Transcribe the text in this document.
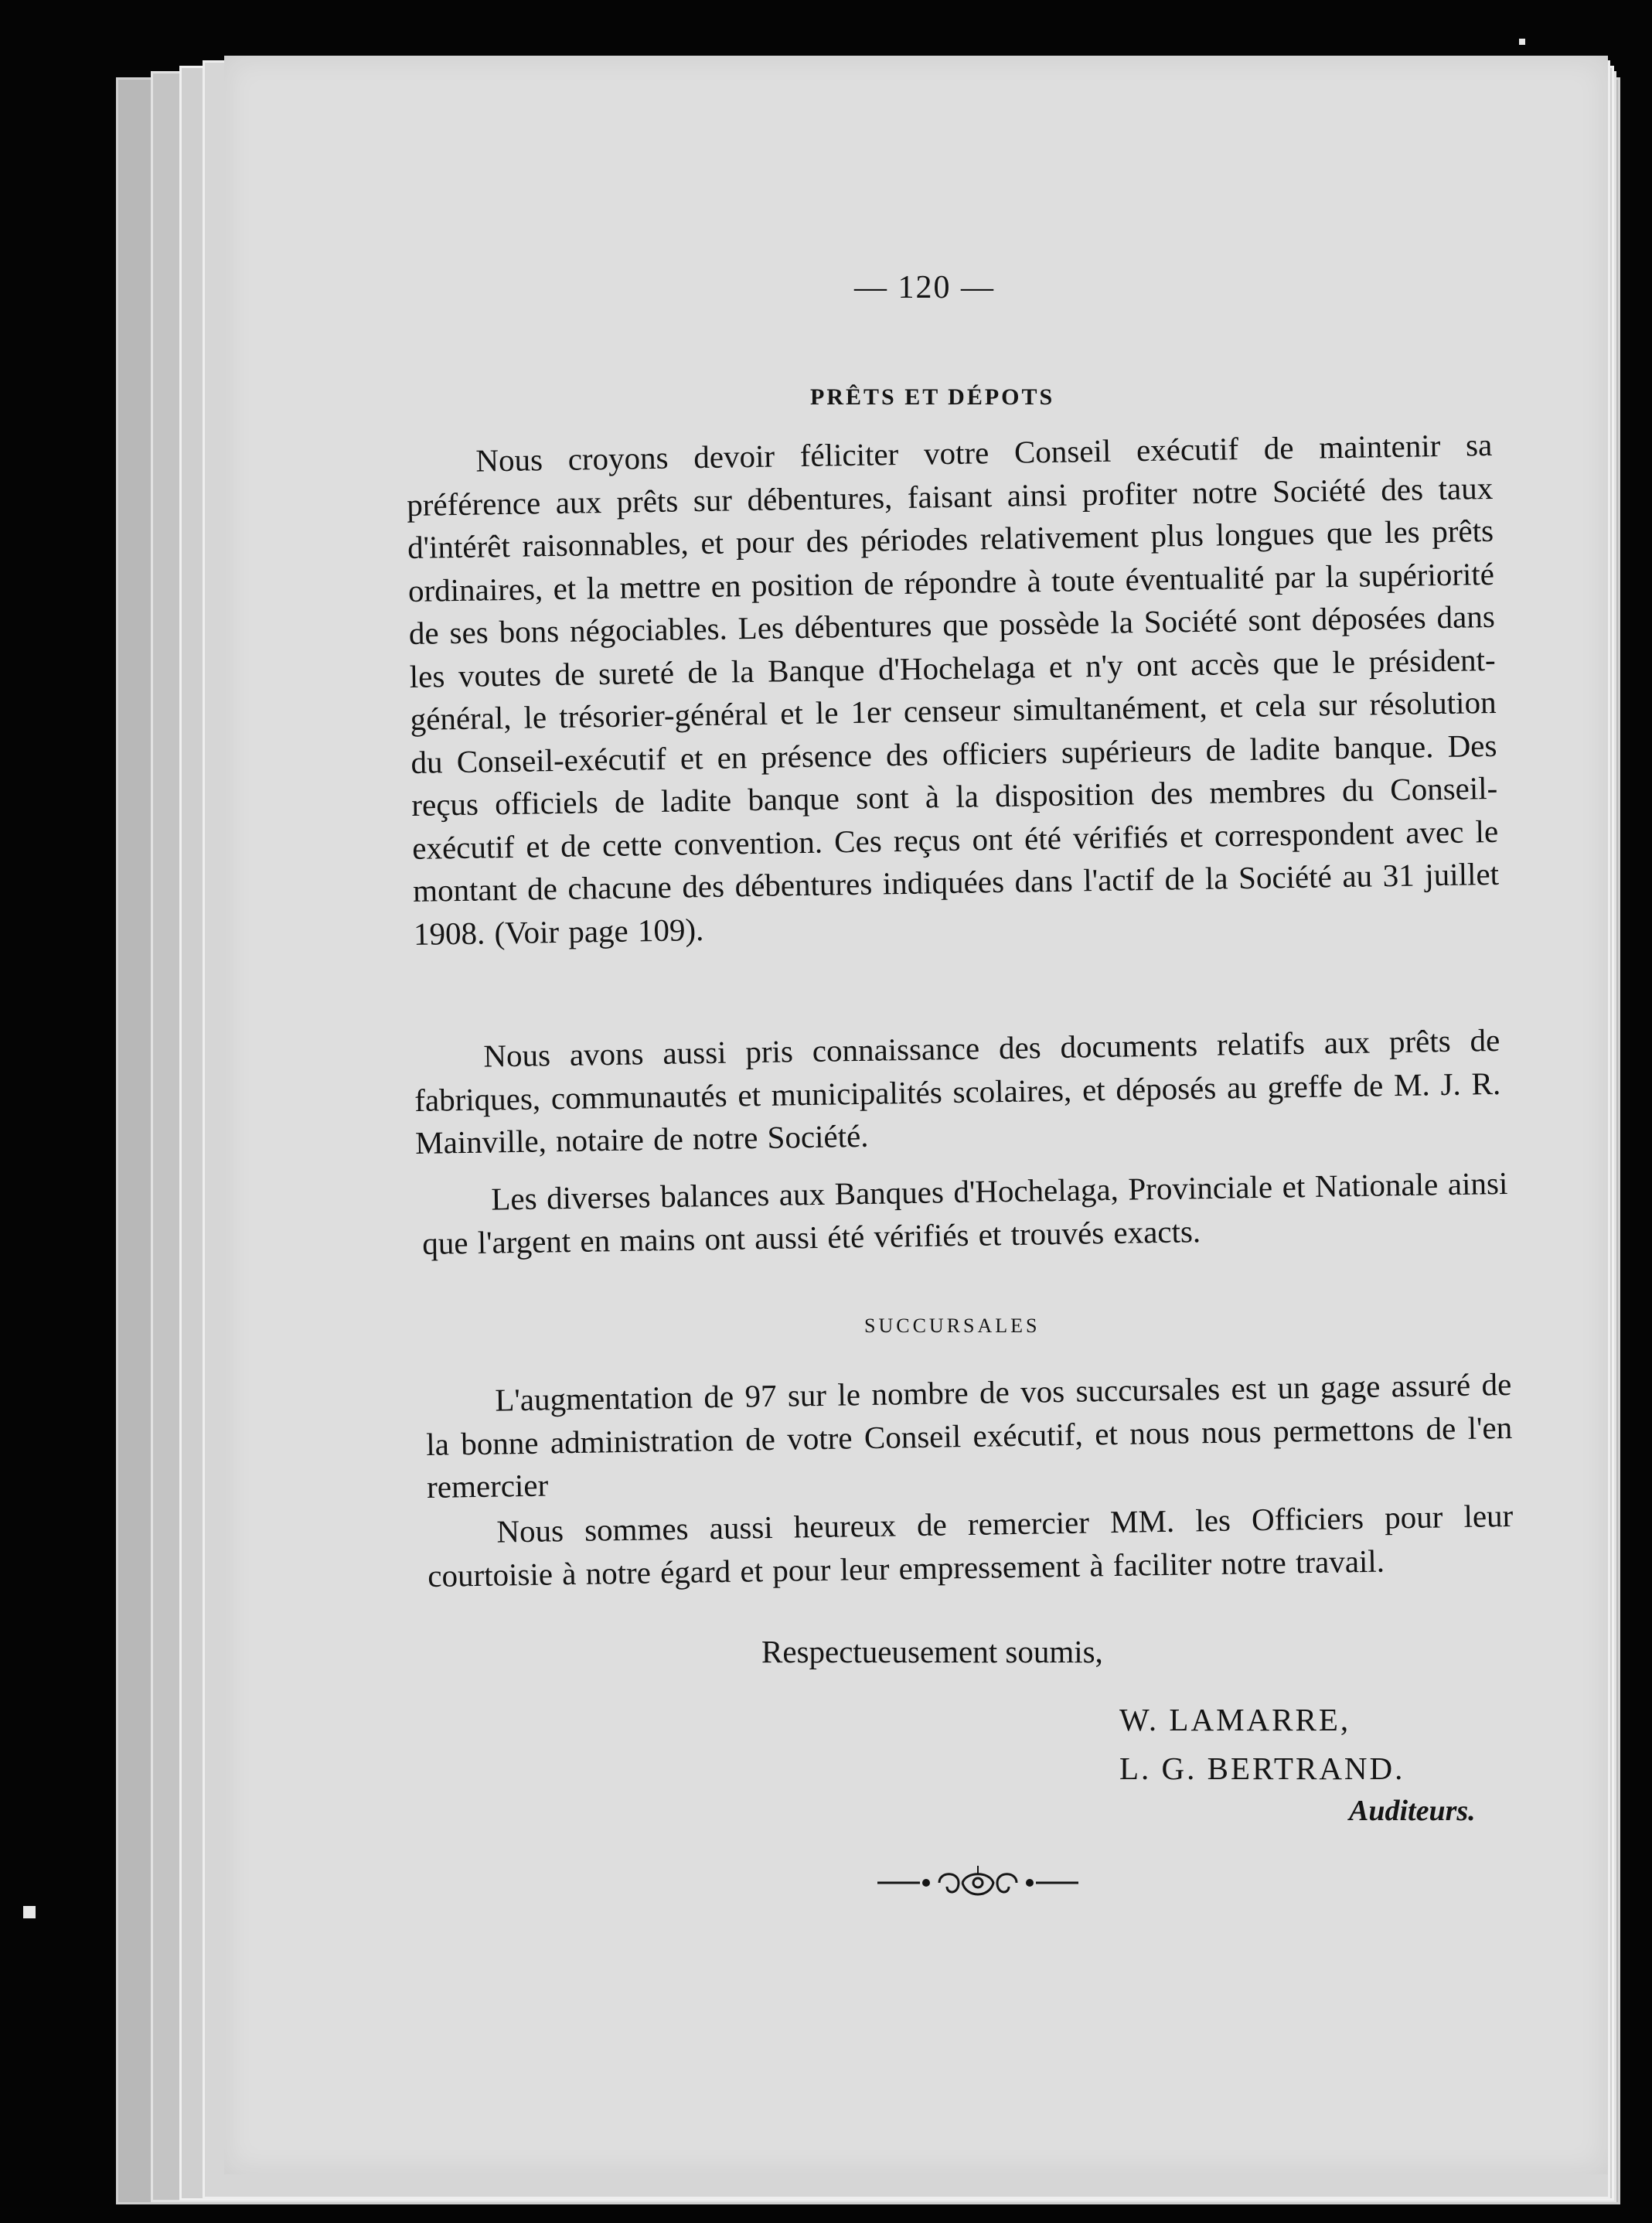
— 120 —
PRÊTS ET DÉPOTS
Nous croyons devoir féliciter votre Conseil exécutif de maintenir sa préférence aux prêts sur débentures, faisant ainsi profiter notre Société des taux d'intérêt raisonnables, et pour des périodes relativement plus longues que les prêts ordinaires, et la mettre en position de répondre à toute éventualité par la supériorité de ses bons négociables. Les débentures que possède la Société sont déposées dans les voutes de sureté de la Banque d'Hochelaga et n'y ont accès que le président-général, le trésorier-général et le 1er censeur simultanément, et cela sur résolution du Conseil-exécutif et en présence des officiers supérieurs de ladite banque. Des reçus officiels de ladite banque sont à la disposition des membres du Conseil-exécutif et de cette convention. Ces reçus ont été vérifiés et correspondent avec le montant de chacune des débentures indiquées dans l'actif de la Société au 31 juillet 1908. (Voir page 109).
Nous avons aussi pris connaissance des documents relatifs aux prêts de fabriques, communautés et municipalités scolaires, et déposés au greffe de M. J. R. Mainville, notaire de notre Société.
Les diverses balances aux Banques d'Hochelaga, Provinciale et Nationale ainsi que l'argent en mains ont aussi été vérifiés et trouvés exacts.
SUCCURSALES
L'augmentation de 97 sur le nombre de vos succursales est un gage assuré de la bonne administration de votre Conseil exécutif, et nous nous permettons de l'en remercier
Nous sommes aussi heureux de remercier MM. les Officiers pour leur courtoisie à notre égard et pour leur empressement à faciliter notre travail.
Respectueusement soumis,
W. LAMARRE,
L. G. BERTRAND.
Auditeurs.
